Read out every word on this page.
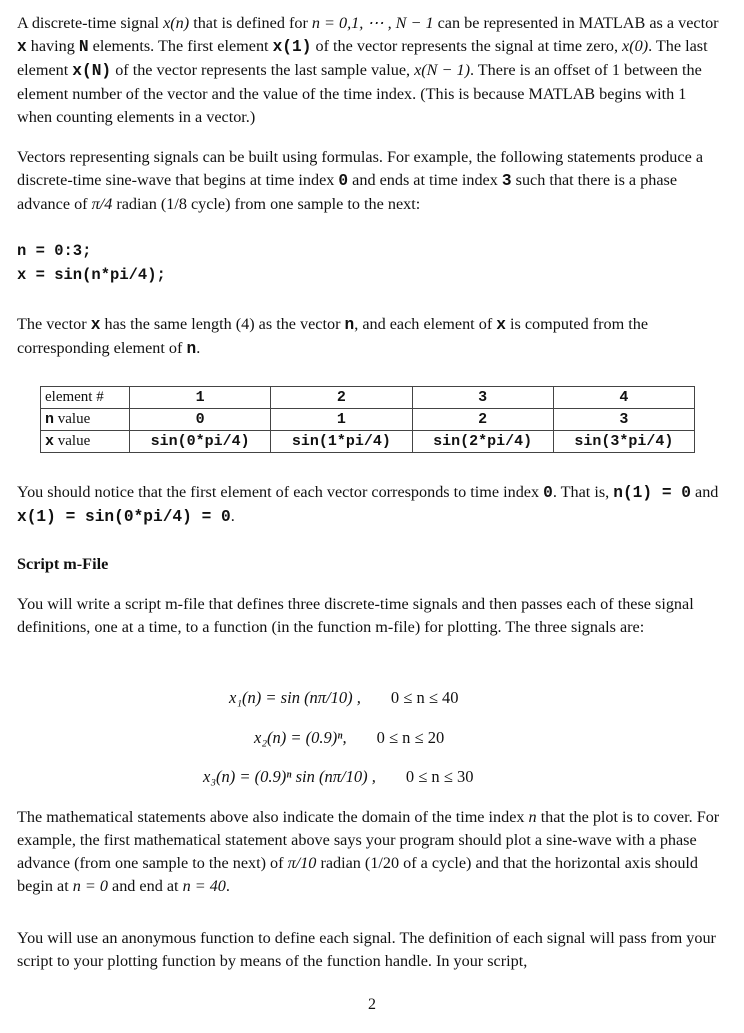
A discrete-time signal x(n) that is defined for n = 0,1, ⋯ , N − 1 can be represented in MATLAB as a vector x having N elements. The first element x(1) of the vector represents the signal at time zero, x(0). The last element x(N) of the vector represents the last sample value, x(N − 1). There is an offset of 1 between the element number of the vector and the value of the time index. (This is because MATLAB begins with 1 when counting elements in a vector.)

Vectors representing signals can be built using formulas. For example, the following statements produce a discrete-time sine-wave that begins at time index 0 and ends at time index 3 such that there is a phase advance of π/4 radian (1/8 cycle) from one sample to the next:

n = 0:3;
x = sin(n*pi/4);

The vector x has the same length (4) as the vector n, and each element of x is computed from the corresponding element of n.

element #	1	2	3	4
n value	0	1	2	3
x value	sin(0*pi/4)	sin(1*pi/4)	sin(2*pi/4)	sin(3*pi/4)

You should notice that the first element of each vector corresponds to time index 0. That is, n(1) = 0 and x(1) = sin(0*pi/4) = 0.

Script m-File

You will write a script m-file that defines three discrete-time signals and then passes each of these signal definitions, one at a time, to a function (in the function m-file) for plotting. The three signals are:

x₁(n) = sin (nπ/10) , 0 ≤ n ≤ 40
x₂(n) = (0.9)ⁿ, 0 ≤ n ≤ 20
x₃(n) = (0.9)ⁿ sin (nπ/10) , 0 ≤ n ≤ 30

The mathematical statements above also indicate the domain of the time index n that the plot is to cover. For example, the first mathematical statement above says your program should plot a sine-wave with a phase advance (from one sample to the next) of π/10 radian (1/20 of a cycle) and that the horizontal axis should begin at n = 0 and end at n = 40.

You will use an anonymous function to define each signal. The definition of each signal will pass from your script to your plotting function by means of the function handle. In your script,

2
